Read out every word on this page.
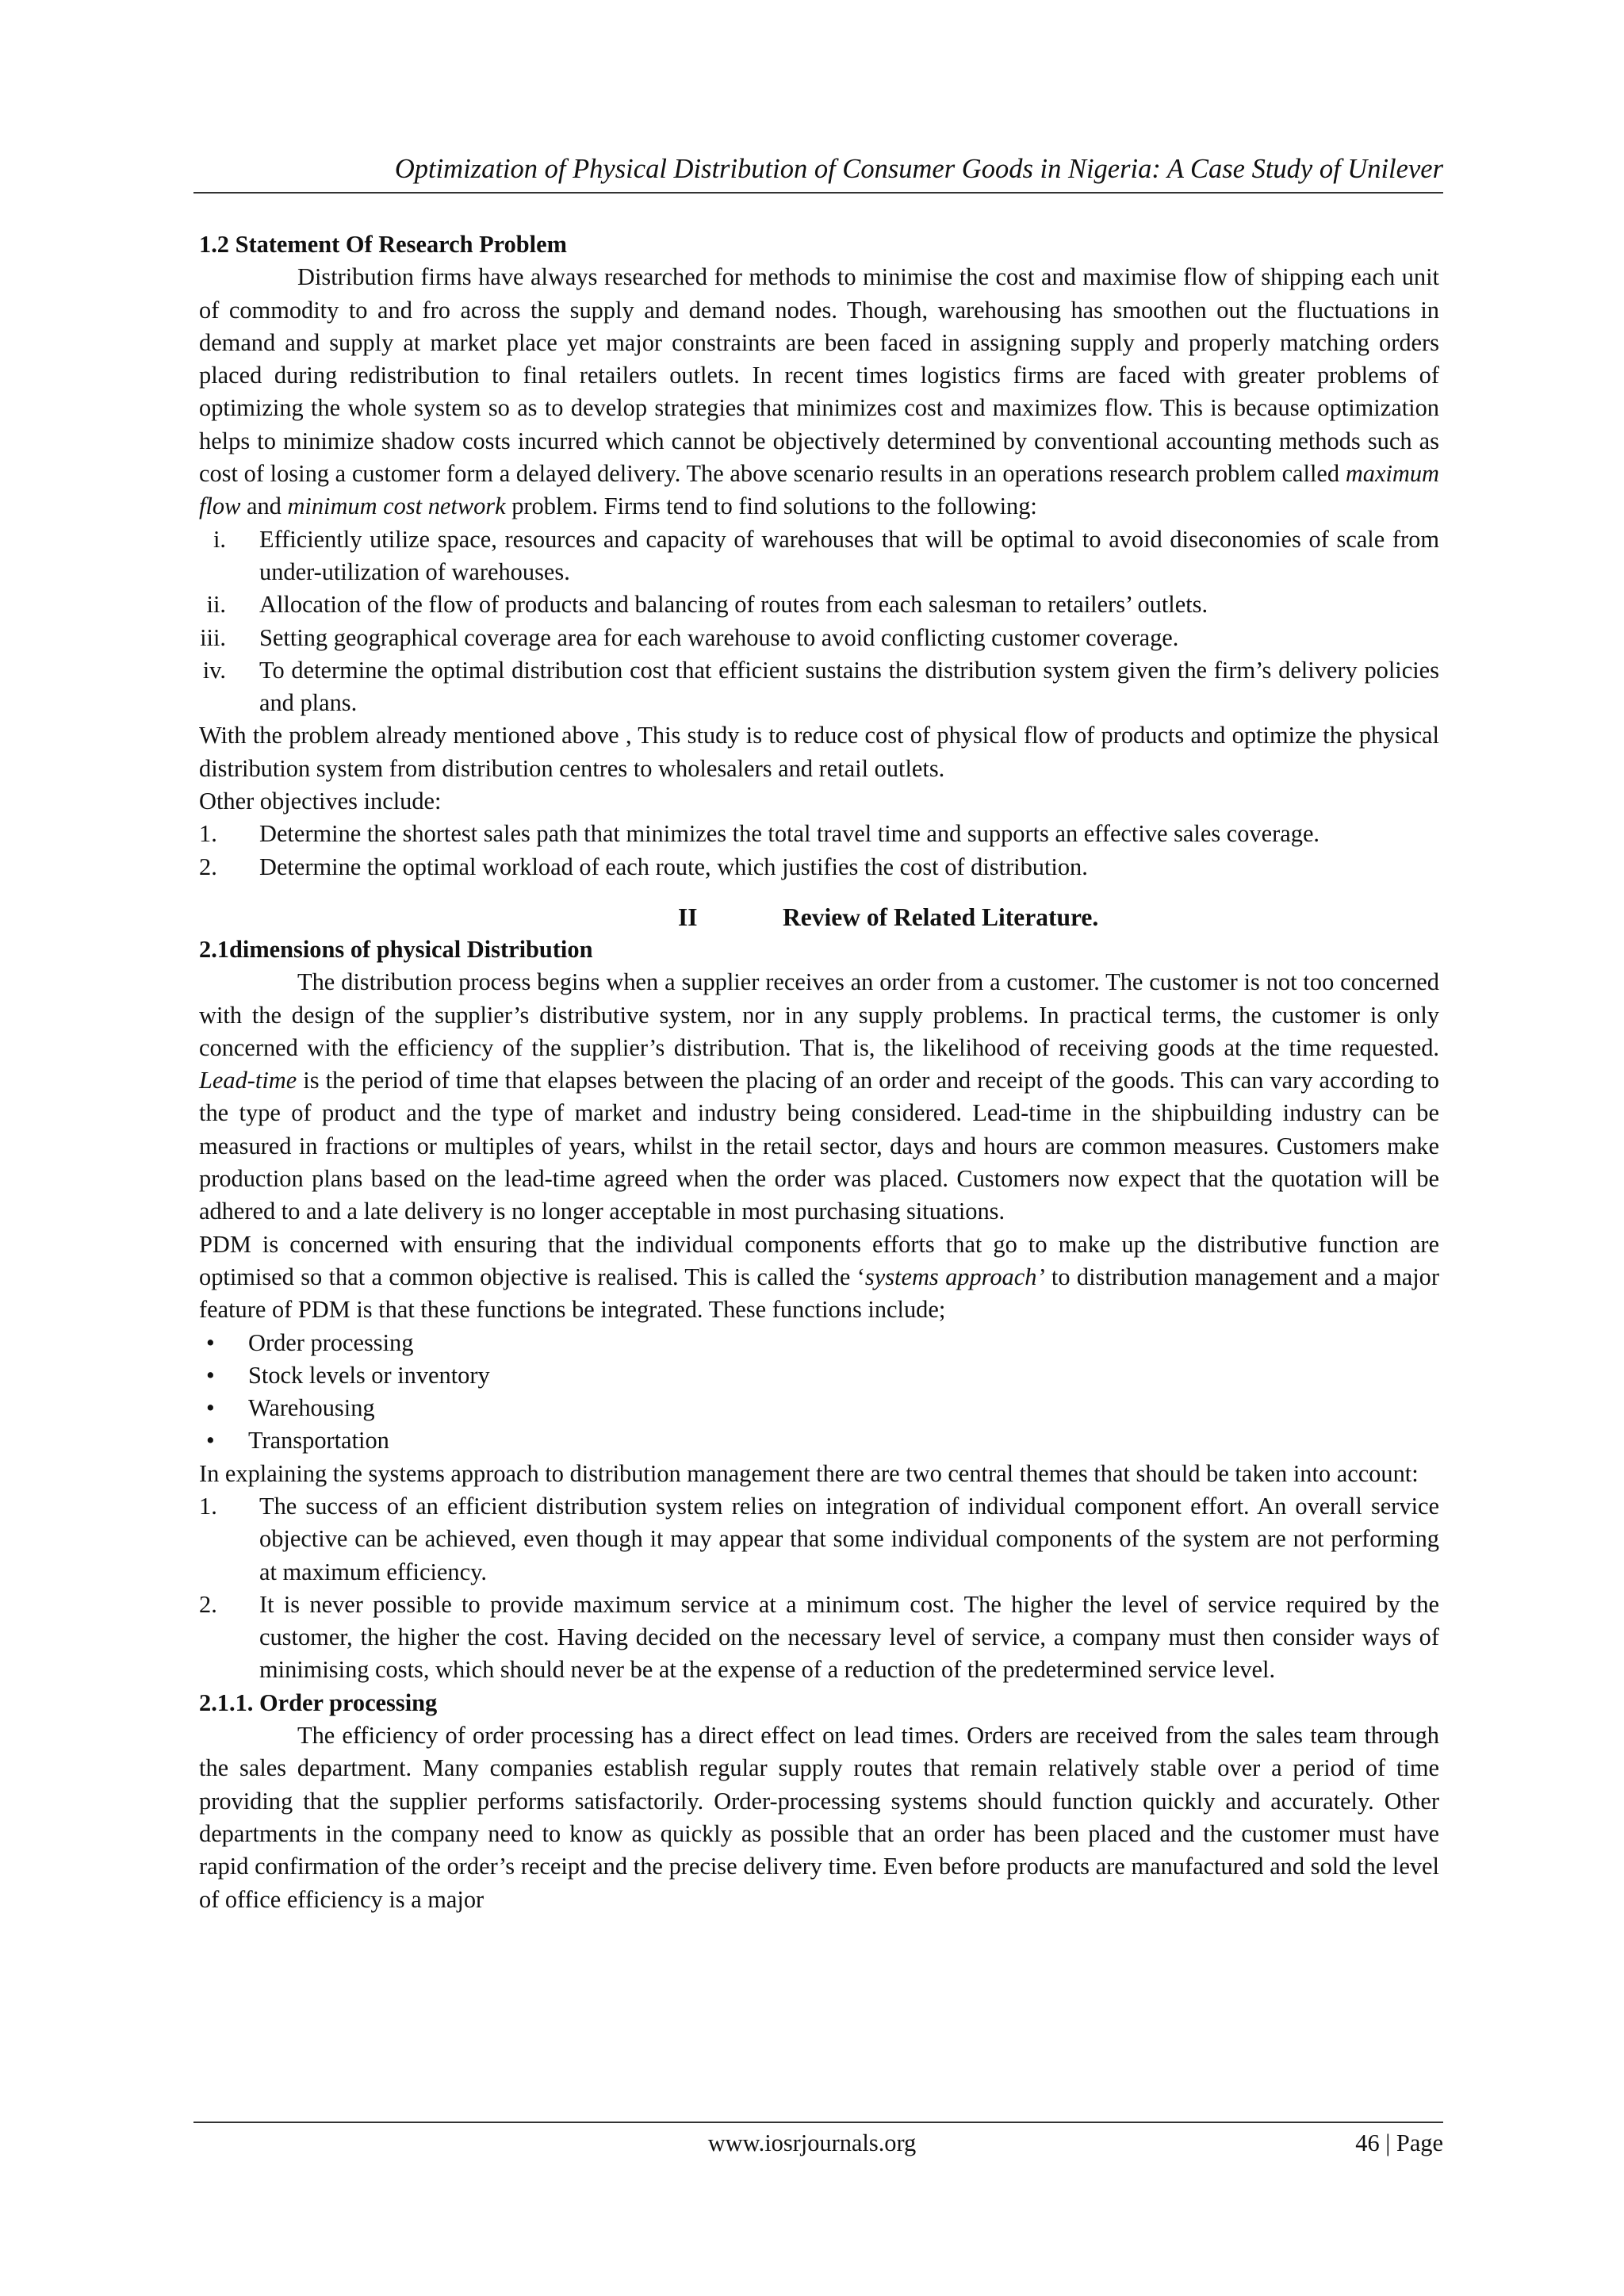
Optimization of Physical Distribution of Consumer Goods in Nigeria: A Case Study of Unilever

1.2 Statement Of Research Problem

Distribution firms have always researched for methods to minimise the cost and maximise flow of shipping each unit of commodity to and fro across the supply and demand nodes. Though, warehousing has smoothen out the fluctuations in demand and supply at market place yet major constraints are been faced in assigning supply and properly matching orders placed during redistribution to final retailers outlets. In recent times logistics firms are faced with greater problems of optimizing the whole system so as to develop strategies that minimizes cost and maximizes flow. This is because optimization helps to minimize shadow costs incurred which cannot be objectively determined by conventional accounting methods such as cost of losing a customer form a delayed delivery. The above scenario results in an operations research problem called maximum flow and minimum cost network problem. Firms tend to find solutions to the following:

i. Efficiently utilize space, resources and capacity of warehouses that will be optimal to avoid diseconomies of scale from under-utilization of warehouses.
ii. Allocation of the flow of products and balancing of routes from each salesman to retailers’ outlets.
iii. Setting geographical coverage area for each warehouse to avoid conflicting customer coverage.
iv. To determine the optimal distribution cost that efficient sustains the distribution system given the firm’s delivery policies and plans.

With the problem already mentioned above , This study is to reduce cost of physical flow of products and optimize the physical distribution system from distribution centres to wholesalers and retail outlets.

Other objectives include:

1. Determine the shortest sales path that minimizes the total travel time and supports an effective sales coverage.
2. Determine the optimal workload of each route, which justifies the cost of distribution.
II	Review of Related Literature.

2.1dimensions of physical Distribution

The distribution process begins when a supplier receives an order from a customer. The customer is not too concerned with the design of the supplier’s distributive system, nor in any supply problems. In practical terms, the customer is only concerned with the efficiency of the supplier’s distribution. That is, the likelihood of receiving goods at the time requested. Lead-time is the period of time that elapses between the placing of an order and receipt of the goods. This can vary according to the type of product and the type of market and industry being considered. Lead-time in the shipbuilding industry can be measured in fractions or multiples of years, whilst in the retail sector, days and hours are common measures. Customers make production plans based on the lead-time agreed when the order was placed. Customers now expect that the quotation will be adhered to and a late delivery is no longer acceptable in most purchasing situations.

PDM is concerned with ensuring that the individual components efforts that go to make up the distributive function are optimised so that a common objective is realised. This is called the ‘systems approach’ to distribution management and a major feature of PDM is that these functions be integrated. These functions include;

• Order processing
• Stock levels or inventory
• Warehousing
• Transportation

In explaining the systems approach to distribution management there are two central themes that should be taken into account:

1. The success of an efficient distribution system relies on integration of individual component effort. An overall service objective can be achieved, even though it may appear that some individual components of the system are not performing at maximum efficiency.
2. It is never possible to provide maximum service at a minimum cost. The higher the level of service required by the customer, the higher the cost. Having decided on the necessary level of service, a company must then consider ways of minimising costs, which should never be at the expense of a reduction of the predetermined service level.

2.1.1. Order processing

The efficiency of order processing has a direct effect on lead times. Orders are received from the sales team through the sales department. Many companies establish regular supply routes that remain relatively stable over a period of time providing that the supplier performs satisfactorily. Order-processing systems should function quickly and accurately. Other departments in the company need to know as quickly as possible that an order has been placed and the customer must have rapid confirmation of the order’s receipt and the precise delivery time. Even before products are manufactured and sold the level of office efficiency is a major

www.iosrjournals.org	46 | Page
